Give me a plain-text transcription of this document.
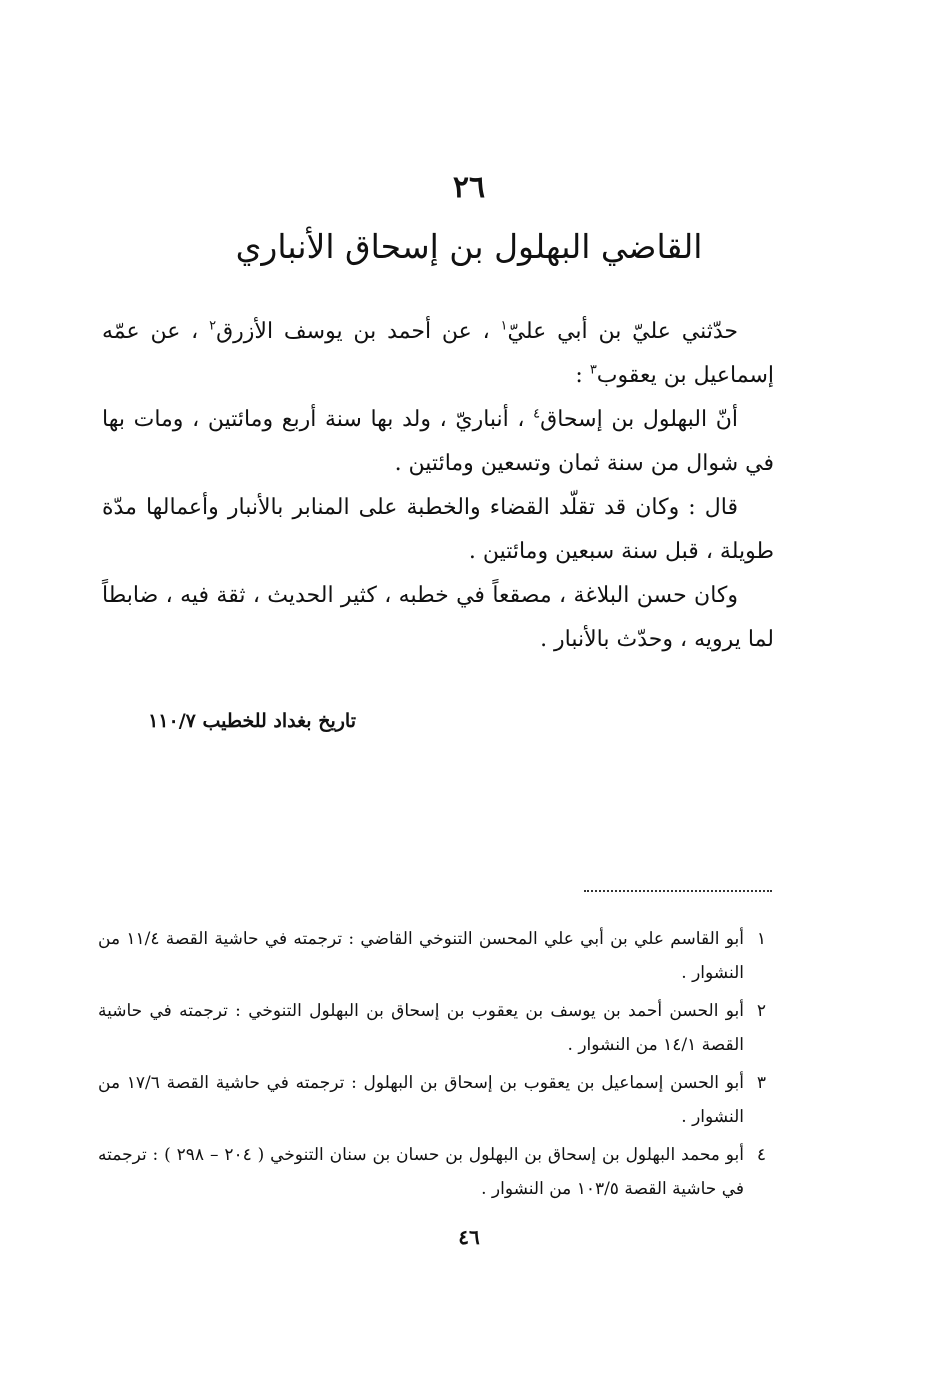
٢٦
القاضي البهلول بن إسحاق الأنباري

حدّثني عليّ بن أبي عليّ$^١$ ، عن أحمد بن يوسف الأزرق$^٢$ ، عن عمّه إسماعيل بن يعقوب$^٣$ :

أنّ البهلول بن إسحاق$^٤$ ، أنباريّ ، ولد بها سنة أربع ومائتين ، ومات بها في شوال من سنة ثمان وتسعين ومائتين .

قال : وكان قد تقلّد القضاء والخطبة على المنابر بالأنبار وأعمالها مدّة طويلة ، قبل سنة سبعين ومائتين .

وكان حسن البلاغة ، مصقعاً في خطبه ، كثير الحديث ، ثقة فيه ، ضابطاً لما يرويه ، وحدّث بالأنبار .

تاريخ بغداد للخطيب ١١٠/٧
١
أبو القاسم علي بن أبي علي المحسن التنوخي القاضي : ترجمته في حاشية القصة ١١/٤ من النشوار .
٢
أبو الحسن أحمد بن يوسف بن يعقوب بن إسحاق بن البهلول التنوخي : ترجمته في حاشية القصة ١٤/١ من النشوار .
٣
أبو الحسن إسماعيل بن يعقوب بن إسحاق بن البهلول : ترجمته في حاشية القصة ١٧/٦ من النشوار .
٤
أبو محمد البهلول بن إسحاق بن البهلول بن حسان بن سنان التنوخي ( ٢٠٤ – ٢٩٨ ) : ترجمته في حاشية القصة ١٠٣/٥ من النشوار .
٤٦
